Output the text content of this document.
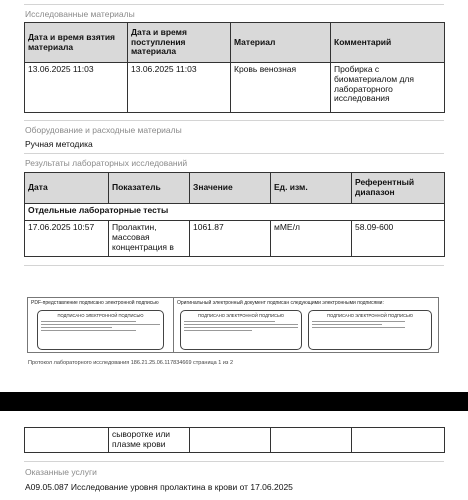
Исследованные материалы
Дата и время взятия материала	Дата и время поступления материала	Материал	Комментарий
13.06.2025 11:03	13.06.2025 11:03	Кровь венозная	Пробирка с биоматериалом для лабораторного исследования
Оборудование и расходные материалы
Ручная методика
Результаты лабораторных исследований
Дата	Показатель	Значение	Ед. изм.	Референтный диапазон
Отдельные лабораторные тесты				
17.06.2025 10:57	Пролактин, массовая концентрация в	1061.87	мМЕ/л	58.09-600
PDF-представление подписано электронной подписью
ПОДПИСАНО ЭЛЕКТРОННОЙ ПОДПИСЬЮ
Оригинальный электронный документ подписан следующими электронными подписями:
ПОДПИСАНО ЭЛЕКТРОННОЙ ПОДПИСЬЮ	ПОДПИСАНО ЭЛЕКТРОННОЙ ПОДПИСЬЮ
Протокол лабораторного исследования 186.21.25.06.117834669 страница 1 из 2
	сыворотке или плазме крови			
Оказанные услуги
A09.05.087 Исследование уровня пролактина в крови от 17.06.2025
